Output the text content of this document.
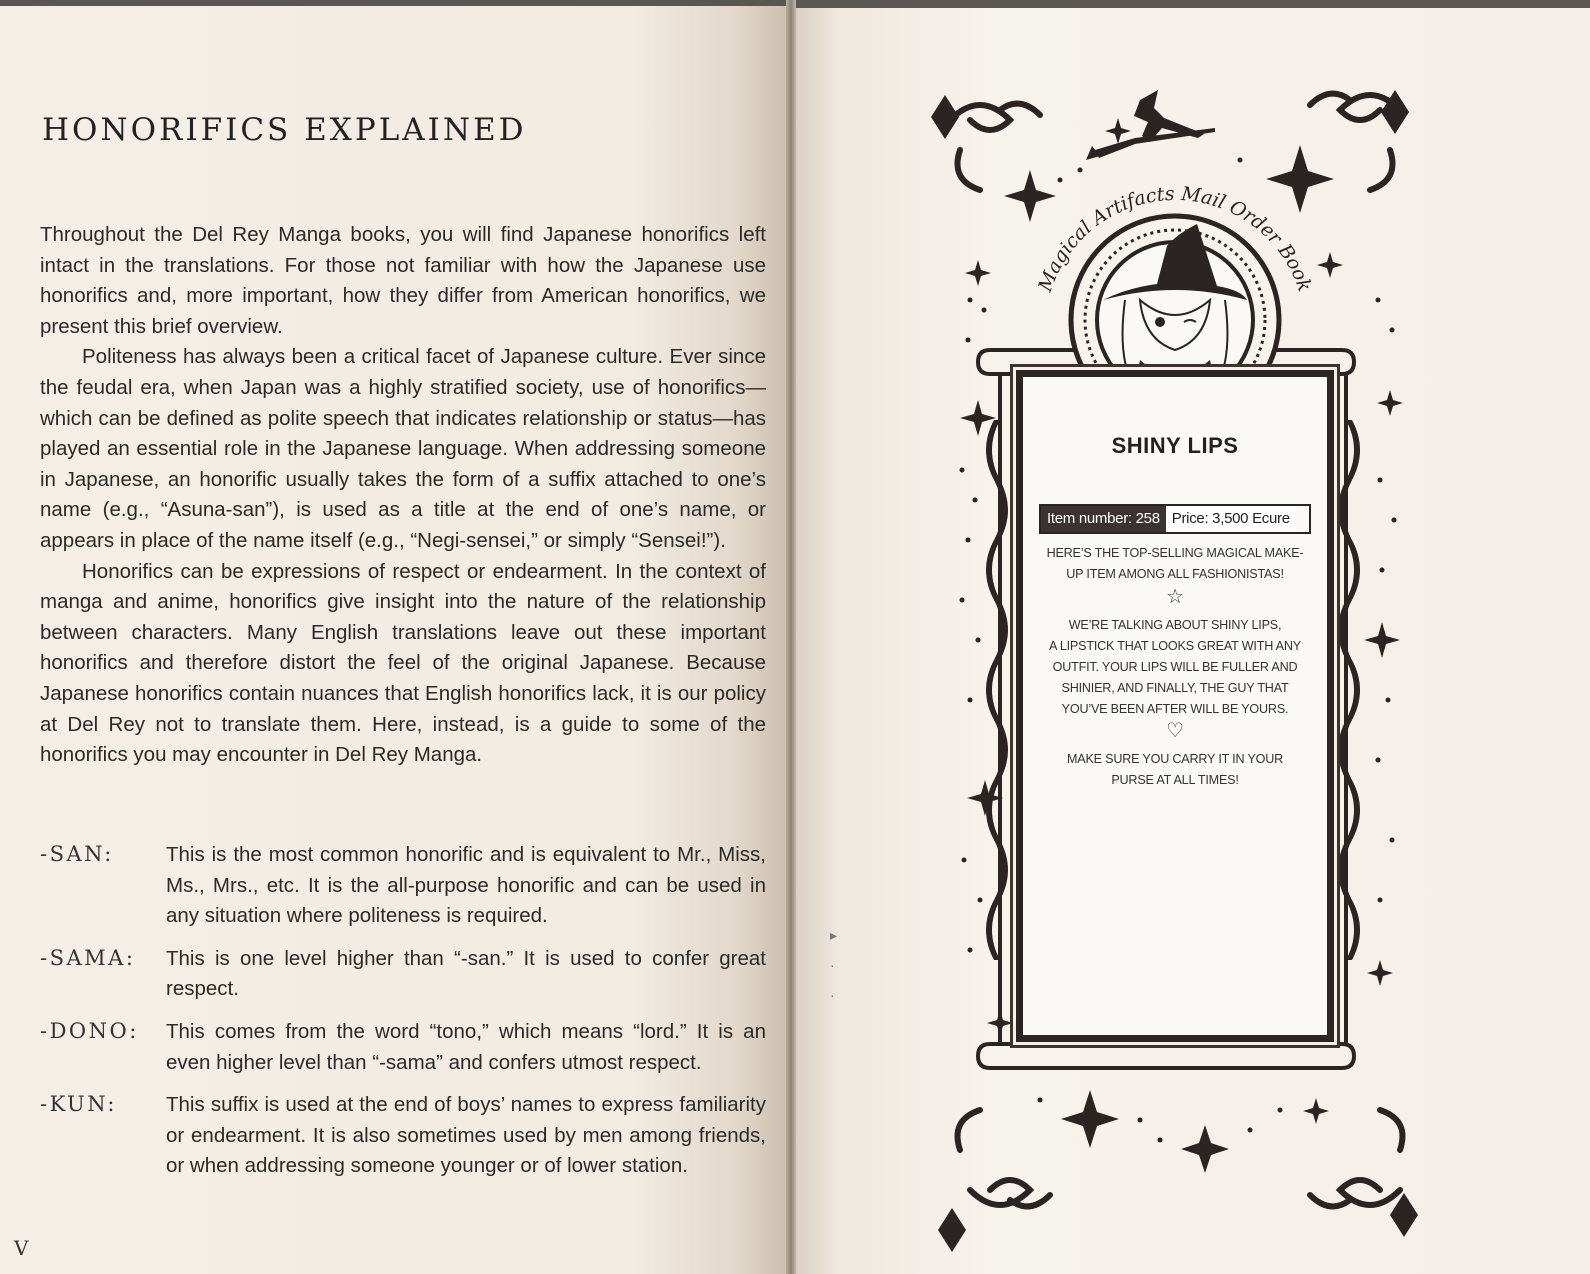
HONORIFICS EXPLAINED

Throughout the Del Rey Manga books, you will find Japanese honorifics left intact in the translations. For those not familiar with how the Japanese use honorifics and, more important, how they differ from American honorifics, we present this brief overview.

Politeness has always been a critical facet of Japanese culture. Ever since the feudal era, when Japan was a highly stratified society, use of honorifics—which can be defined as polite speech that indicates relationship or status—has played an essential role in the Japanese language. When addressing someone in Japanese, an honorific usually takes the form of a suffix attached to one’s name (e.g., “Asuna-san”), is used as a title at the end of one’s name, or appears in place of the name itself (e.g., “Negi-sensei,” or simply “Sensei!”).

Honorifics can be expressions of respect or endearment. In the context of manga and anime, honorifics give insight into the nature of the relationship between characters. Many English translations leave out these important honorifics and therefore distort the feel of the original Japanese. Because Japanese honorifics contain nuances that English honorifics lack, it is our policy at Del Rey not to translate them. Here, instead, is a guide to some of the honorifics you may encounter in Del Rey Manga.

-SAN:	This is the most common honorific and is equivalent to Mr., Miss, Ms., Mrs., etc. It is the all-purpose honorific and can be used in any situation where politeness is required.
-SAMA:	This is one level higher than “-san.” It is used to confer great respect.
-DONO:	This comes from the word “tono,” which means “lord.” It is an even higher level than “-sama” and confers utmost respect.
-KUN:	This suffix is used at the end of boys’ names to express familiarity or endearment. It is also sometimes used by men among friends, or when addressing someone younger or of lower station.
V
▸
·
·
Magical Artifacts Mail Order Book
SHINY LIPS
Item number: 258 Price: 3,500 Ecure
HERE’S THE TOP-SELLING MAGICAL MAKE-
UP ITEM AMONG ALL FASHIONISTAS!
☆
WE’RE TALKING ABOUT SHINY LIPS,
A LIPSTICK THAT LOOKS GREAT WITH ANY
OUTFIT. YOUR LIPS WILL BE FULLER AND
SHINIER, AND FINALLY, THE GUY THAT
YOU’VE BEEN AFTER WILL BE YOURS.
♡
MAKE SURE YOU CARRY IT IN YOUR
PURSE AT ALL TIMES!
